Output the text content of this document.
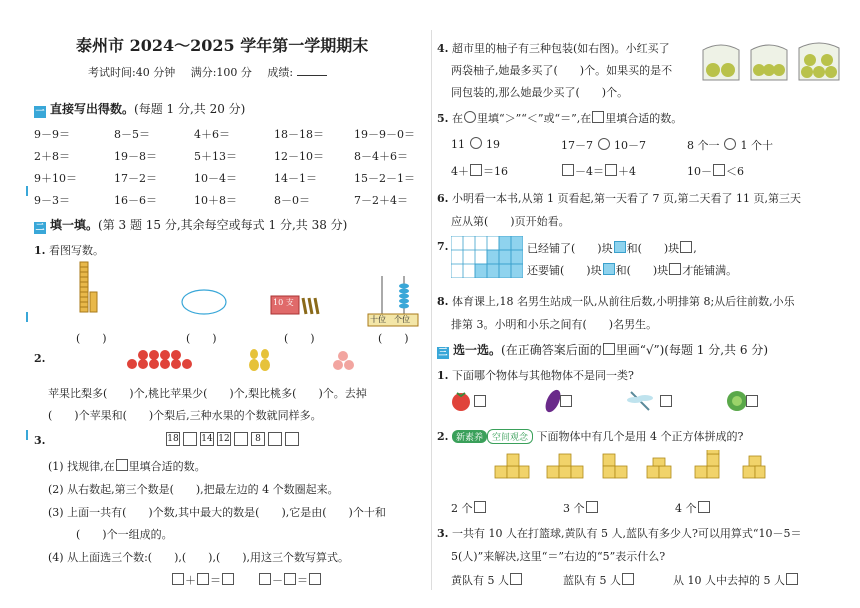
泰州市 2024～2025 学年第一学期期末
考试时间:40 分钟 满分:100 分 成绩:
一 直接写出得数。(每题 1 分,共 20 分)
9－9＝	8－5＝	4＋6＝	18－18＝	19－9－0＝
2＋8＝	19－8＝	5＋13＝	12－10＝	8－4＋6＝
9＋10＝	17－2＝	10－4＝	14－1＝	15－2－1＝
9－3＝	16－6＝	10＋8＝	8－0＝	7－2＋4＝
二 填一填。(第 3 题 15 分,其余每空或每式 1 分,共 38 分)
1. 看图写数。
10 支
十位 个位
(　　)	(　　)	(　　)	(　　)
2.
苹果比梨多(　　)个,桃比苹果少(　　)个,梨比桃多(　　)个。去掉
(　　)个苹果和(　　)个梨后,三种水果的个数就同样多。
3.	18	14 12	8
(1) 找规律,在 里填合适的数。
(2) 从右数起,第三个数是(　　),把最左边的 4 个数圈起来。
(3) 上面一共有(　　)个数,其中最大的数是(　　),它是由(　　)个十和
(　　)个一组成的。
(4) 从上面选三个数:(　　),(　　),(　　),用这三个数写算式。
＋ ＝	－ ＝
4. 超市里的柚子有三种包装(如右图)。小红买了
两袋柚子,她最多买了(　　)个。如果买的是不
同包装的,那么她最少买了(　　)个。
5. 在 里填“＞”“＜”或“＝”,在 里填合适的数。
11 19	17－7 10－7	8 个一 1 个十
4＋ ＝16	－4＝ ＋4	10－ ＜6
6. 小明看一本书,从第 1 页看起,第一天看了 7 页,第二天看了 11 页,第三天
应从第(　　)页开始看。
7.	已经铺了(　　)块 和(　　)块 ,
还要铺(　　)块 和(　　)块 才能铺满。
8. 体育课上,18 名男生站成一队,从前往后数,小明排第 8;从后往前数,小乐
排第 3。小明和小乐之间有(　　)名男生。
三 选一选。(在正确答案后面的 里画“√”)(每题 1 分,共 6 分)
1. 下面哪个物体与其他物体不是同一类?
2. 新素养 空间观念 下面物体中有几个是用 4 个正方体拼成的?
2 个	3 个	4 个
3. 一共有 10 人在打篮球,黄队有 5 人,蓝队有多少人?可以用算式“10－5＝
5(人)”来解决,这里“＝”右边的“5”表示什么?
黄队有 5 人	蓝队有 5 人	从 10 人中去掉的 5 人
